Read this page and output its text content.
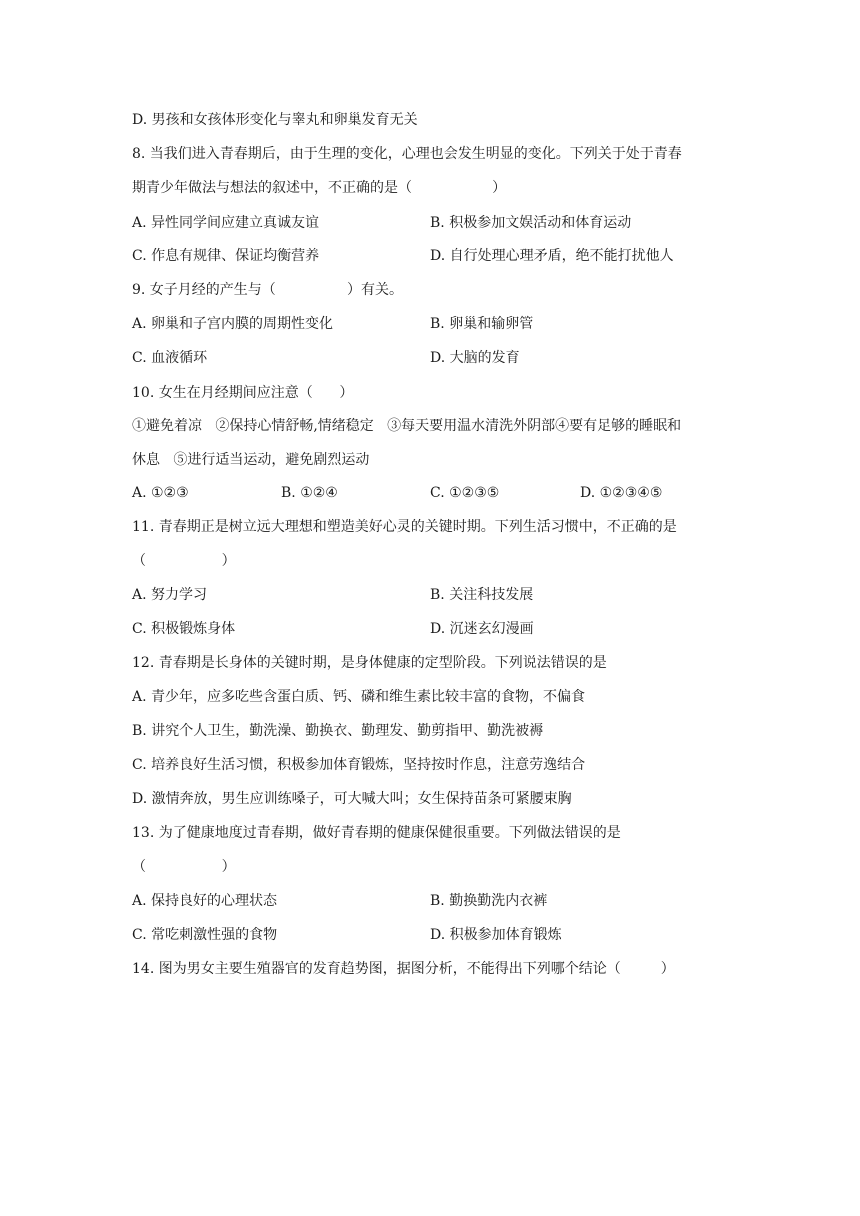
D. 男孩和女孩体形变化与睾丸和卵巢发育无关
8. 当我们进入青春期后，由于生理的变化，心理也会发生明显的变化。下列关于处于青春
期青少年做法与想法的叙述中，不正确的是（                  ）
A. 异性同学间应建立真诚友谊	B. 积极参加文娱活动和体育运动
C. 作息有规律、保证均衡营养	D. 自行处理心理矛盾，绝不能打扰他人
9. 女子月经的产生与（                ）有关。
A. 卵巢和子宫内膜的周期性变化	B. 卵巢和输卵管
C. 血液循环	D. 大脑的发育
10. 女生在月经期间应注意（      ）
①避免着凉   ②保持心情舒畅,情绪稳定   ③每天要用温水清洗外阴部④要有足够的睡眠和
休息   ⑤进行适当运动，避免剧烈运动
A. ①②③	B. ①②④	C. ①②③⑤	D. ①②③④⑤
11. 青春期正是树立远大理想和塑造美好心灵的关键时期。下列生活习惯中，不正确的是
（                 ）
A. 努力学习	B. 关注科技发展
C. 积极锻炼身体	D. 沉迷玄幻漫画
12. 青春期是长身体的关键时期，是身体健康的定型阶段。下列说法错误的是
A. 青少年，应多吃些含蛋白质、钙、磷和维生素比较丰富的食物，不偏食
B. 讲究个人卫生，勤洗澡、勤换衣、勤理发、勤剪指甲、勤洗被褥
C. 培养良好生活习惯，积极参加体育锻炼，坚持按时作息，注意劳逸结合
D. 激情奔放，男生应训练嗓子，可大喊大叫；女生保持苗条可紧腰束胸
13. 为了健康地度过青春期，做好青春期的健康保健很重要。下列做法错误的是
（                 ）
A. 保持良好的心理状态	B. 勤换勤洗内衣裤
C. 常吃刺激性强的食物	D. 积极参加体育锻炼
14. 图为男女主要生殖器官的发育趋势图，据图分析，不能得出下列哪个结论（         ）
